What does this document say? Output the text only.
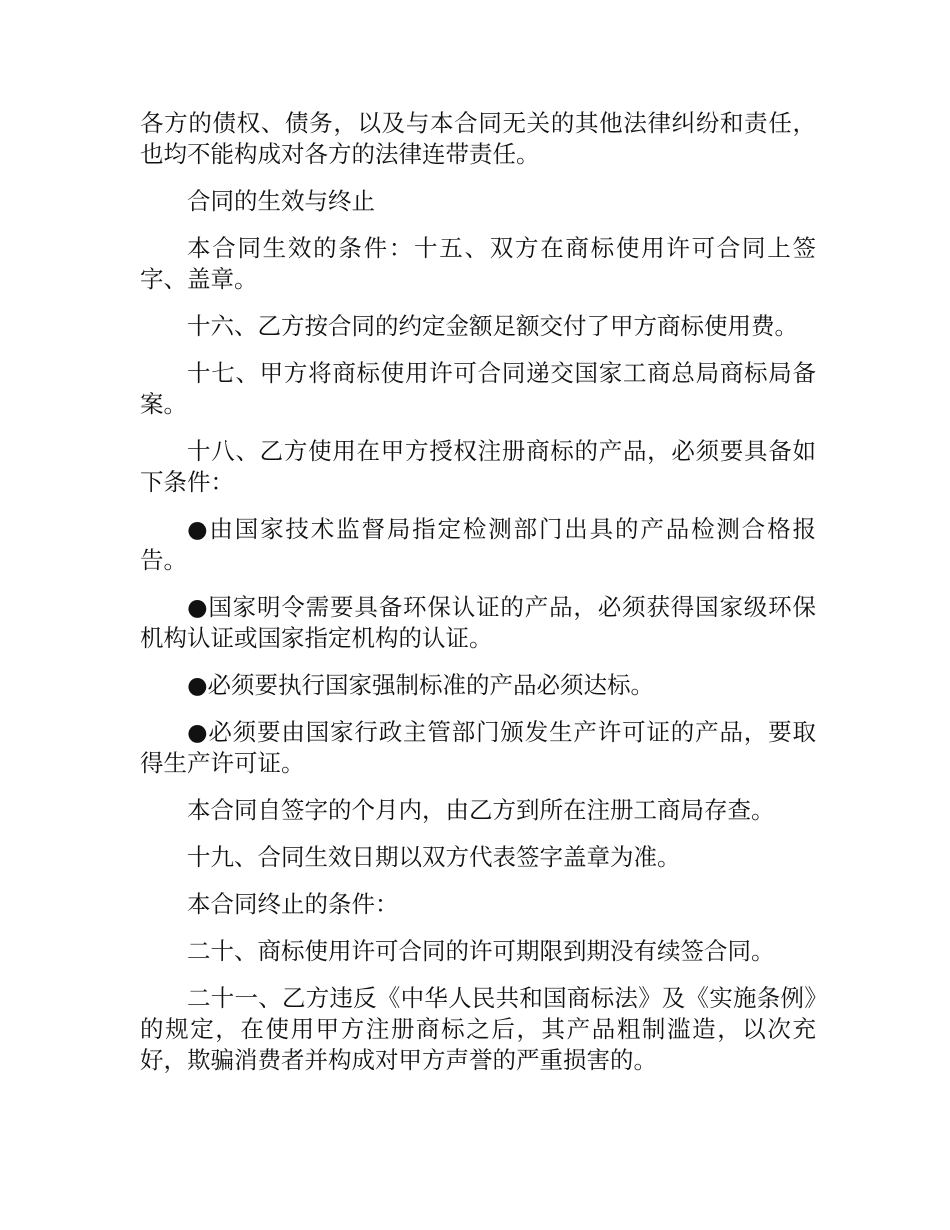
各方的债权、债务，以及与本合同无关的其他法律纠纷和责任，也均不能构成对各方的法律连带责任。

合同的生效与终止

本合同生效的条件：十五、双方在商标使用许可合同上签字、盖章。

十六、乙方按合同的约定金额足额交付了甲方商标使用费。

十七、甲方将商标使用许可合同递交国家工商总局商标局备案。

十八、乙方使用在甲方授权注册商标的产品，必须要具备如下条件：

●由国家技术监督局指定检测部门出具的产品检测合格报告。

●国家明令需要具备环保认证的产品，必须获得国家级环保机构认证或国家指定机构的认证。

●必须要执行国家强制标准的产品必须达标。

●必须要由国家行政主管部门颁发生产许可证的产品，要取得生产许可证。

本合同自签字的个月内，由乙方到所在注册工商局存查。

十九、合同生效日期以双方代表签字盖章为准。

本合同终止的条件：

二十、商标使用许可合同的许可期限到期没有续签合同。

二十一、乙方违反《中华人民共和国商标法》及《实施条例》的规定，在使用甲方注册商标之后，其产品粗制滥造，以次充好，欺骗消费者并构成对甲方声誉的严重损害的。
